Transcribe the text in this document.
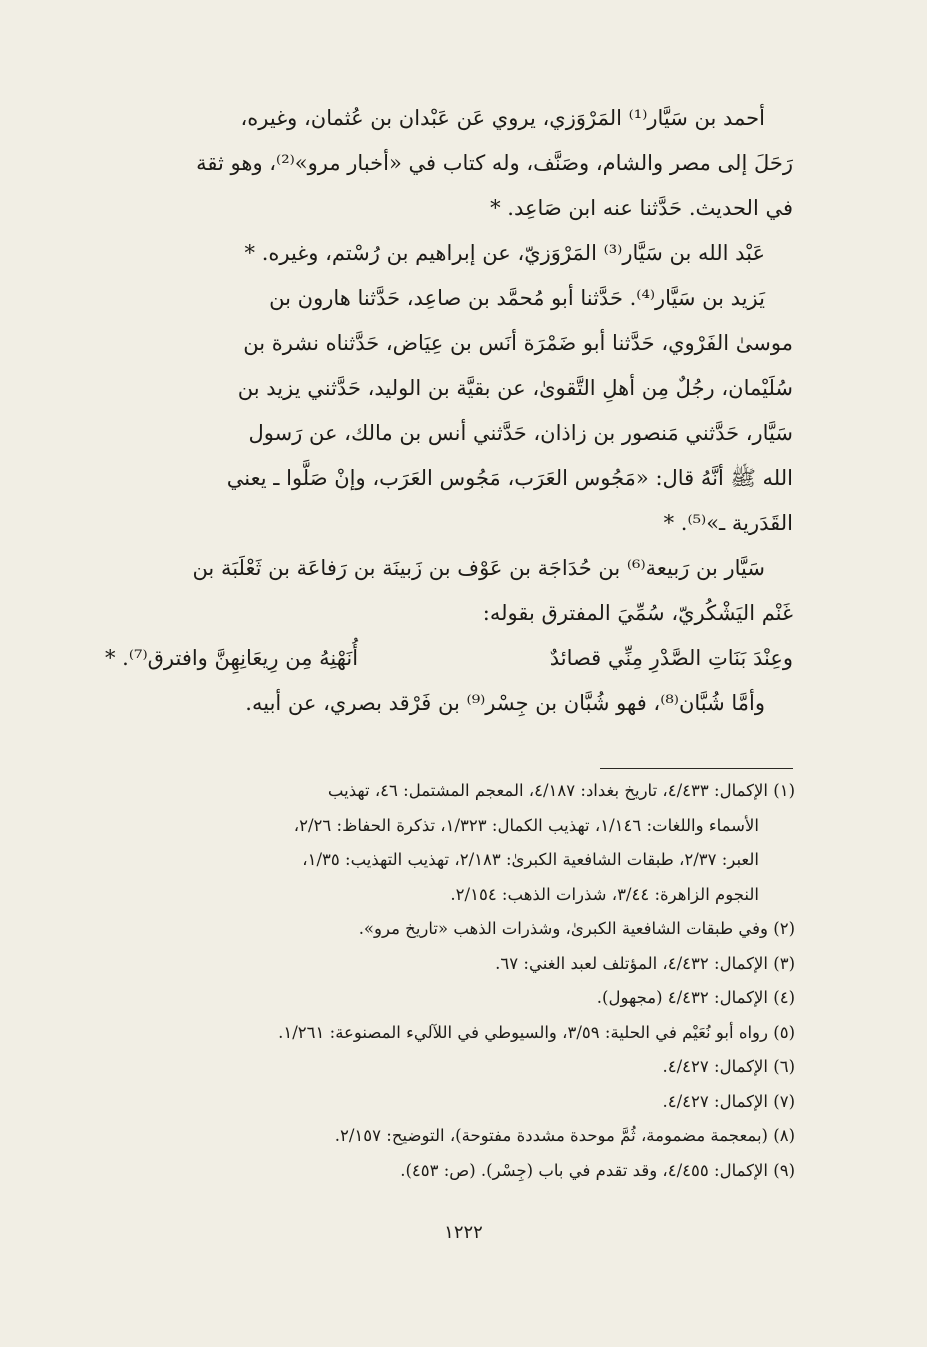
أحمد بن سَيَّار⁽¹⁾ المَرْوَزي، يروي عَن عَبْدان بن عُثمان، وغيره،
رَحَلَ إلى مصر والشام، وصَنَّف، وله كتاب في «أخبار مرو»⁽²⁾، وهو ثقة
في الحديث. حَدَّثنا عنه ابن صَاعِد. *
عَبْد الله بن سَيَّار⁽³⁾ المَرْوَزيّ، عن إبراهيم بن رُسْتم، وغيره. *
يَزيد بن سَيَّار⁽⁴⁾. حَدَّثنا أبو مُحمَّد بن صاعِد، حَدَّثنا هارون بن
موسىٰ الفَرْوي، حَدَّثنا أبو ضَمْرَة أنَس بن عِيَاض، حَدَّثناه نشرة بن
سُلَيْمان، رجُلٌ مِن أهلِ التَّقوىٰ، عن بقيَّة بن الوليد، حَدَّثني يزيد بن
سَيَّار، حَدَّثني مَنصور بن زاذان، حَدَّثني أنس بن مالك، عن رَسول
الله ﷺ أنَّهُ قال: «مَجُوس العَرَب، مَجُوس العَرَب، وإنْ صَلَّوا ـ يعني
القَدَرية ـ»⁽⁵⁾. *
سَيَّار بن رَبيعة⁽⁶⁾ بن حُدَاجَة بن عَوْف بن زَبينَة بن رَفاعَة بن ثَعْلَبَة بن
غَنْم اليَشْكُريّ، سُمِّيَ المفترق بقوله:
وعِنْدَ بَنَاتِ الصَّدْرِ مِنِّي قصائدٌ
أُنَهْنِهُ مِن رِيعَانِهِنَّ وافترق⁽⁷⁾. *
وأمَّا شُبَّان⁽⁸⁾، فهو شُبَّان بن جِسْر⁽⁹⁾ بن فَرْقد بصري، عن أبيه.
(١) الإكمال: ٤/٤٣٣، تاريخ بغداد: ٤/١٨٧، المعجم المشتمل: ٤٦، تهذيب
الأسماء واللغات: ١/١٤٦، تهذيب الكمال: ١/٣٢٣، تذكرة الحفاظ: ٢/٢٦،
العبر: ٢/٣٧، طبقات الشافعية الكبرىٰ: ٢/١٨٣، تهذيب التهذيب: ١/٣٥،
النجوم الزاهرة: ٣/٤٤، شذرات الذهب: ٢/١٥٤.
(٢) وفي طبقات الشافعية الكبرىٰ، وشذرات الذهب «تاريخ مرو».
(٣) الإكمال: ٤/٤٣٢، المؤتلف لعبد الغني: ٦٧.
(٤) الإكمال: ٤/٤٣٢ (مجهول).
(٥) رواه أبو نُعَيْم في الحلية: ٣/٥٩، والسيوطي في اللآليء المصنوعة: ١/٢٦١.
(٦) الإكمال: ٤/٤٢٧.
(٧) الإكمال: ٤/٤٢٧.
(٨) (بمعجمة مضمومة، ثُمَّ موحدة مشددة مفتوحة)، التوضيح: ٢/١٥٧.
(٩) الإكمال: ٤/٤٥٥، وقد تقدم في باب (جِسْر). (ص: ٤٥٣).
١٢٢٢
